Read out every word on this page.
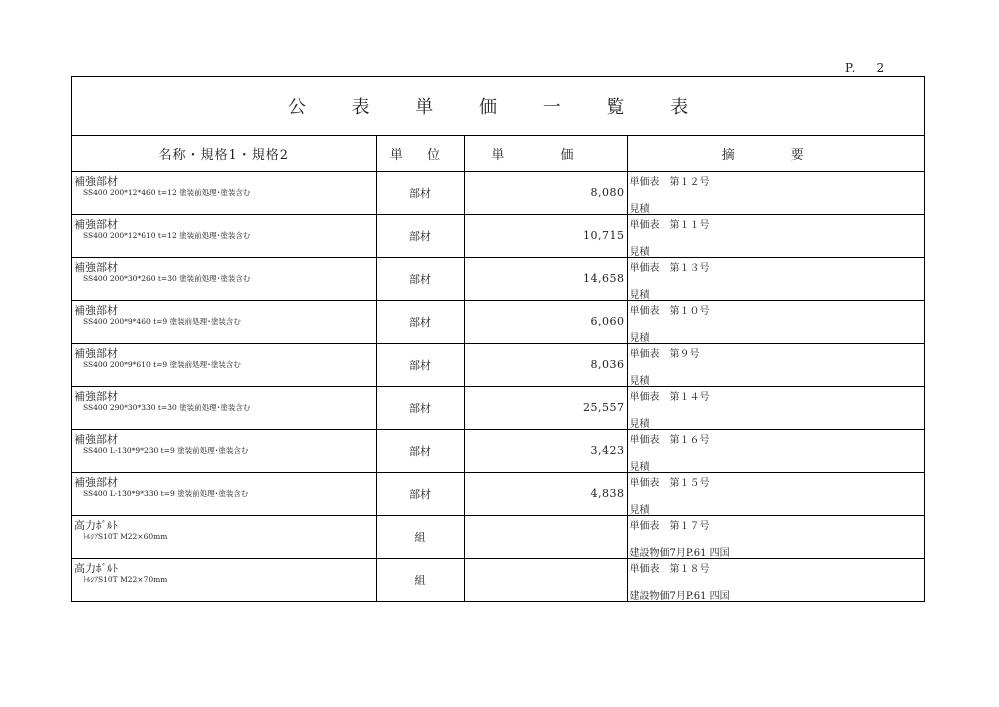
P. 2
公 表 単 価 一 覧 表
名称・規格1・規格2	単 位	単 価	摘 要

補強部材
SS400 200*12*460 t=12 塗装前処理･塗装含む	部材	8,080	単価表　第１２号
見積

補強部材
SS400 200*12*610 t=12 塗装前処理･塗装含む	部材	10,715	単価表　第１１号
見積

補強部材
SS400 200*30*260 t=30 塗装前処理･塗装含む	部材	14,658	単価表　第１３号
見積

補強部材
SS400 200*9*460 t=9 塗装前処理･塗装含む	部材	6,060	単価表　第１０号
見積

補強部材
SS400 200*9*610 t=9 塗装前処理･塗装含む	部材	8,036	単価表　第９号
見積

補強部材
SS400 290*30*330 t=30 塗装前処理･塗装含む	部材	25,557	単価表　第１４号
見積

補強部材
SS400 L-130*9*230 t=9 塗装前処理･塗装含む	部材	3,423	単価表　第１６号
見積

補強部材
SS400 L-130*9*330 t=9 塗装前処理･塗装含む	部材	4,838	単価表　第１５号
見積

高力ﾎﾞﾙﾄ
ﾄﾙｼｱS10T M22×60mm	組		単価表　第１７号
建設物価7月P.61 四国

高力ﾎﾞﾙﾄ
ﾄﾙｼｱS10T M22×70mm	組		単価表　第１８号
建設物価7月P.61 四国
